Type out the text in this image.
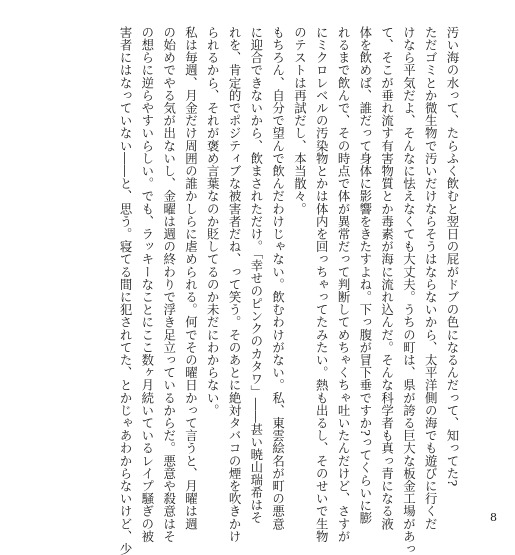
汚い海の水って、たらふく飲むと翌日の屁がドブの色になるんだって、知ってた?
ただゴミとか微生物で汚いだけならそうはならないから、太平洋側の海でも遊びに行くだ
けなら平気だよ、そんなに怯えなくても大丈夫。うちの町は、県が誇る巨大な板金工場があっ
て、そこが垂れ流す有害物質とか毒素が海に流れ込んだ。そんな科学者も真っ青になる液
体を飲めば、誰だって身体に影響をきたすよね。下っ腹が冒下垂ですか?ってくらいに膨
れるまで飲んで、その時点で体が異常だって判断してめちゃくちゃ吐いたんだけど、さすが
にミクロレベルの汚染物とかは体内を回っちゃってたみたい。熱も出るし、そのせいで生物
のテストは再試だし、本当散々。
もちろん、自分で望んで飲んだわけじゃない。飲むわけがない。私、東雲絵名が町の悪意
に迎合できないから、飲まされただけ。「幸せのピンクのカタワ」――甚い暁山瑞希はそ
れを、肯定的でポジティブな被害者だね、って笑う。そのあとに絶対タバコの煙を吹きかけ
られるから、それが褒め言葉なのか貶してるのか未だにわからない。
私は毎週、月金だけ周囲の誰かしらに虐められる。何でその曜日かって言うと、月曜は週
の始めでやる気が出ないし、金曜は週の終わりで浮き足立っているからだ。悪意や殺意はそ
の想らに逆らやすいらしい。でも、ラッキーなことにここ数ヶ月続いているレイプ騒ぎの被
害者にはなっていない――と、思う。寝てる間に犯されてた、とかじゃあわからないけど、少	8
